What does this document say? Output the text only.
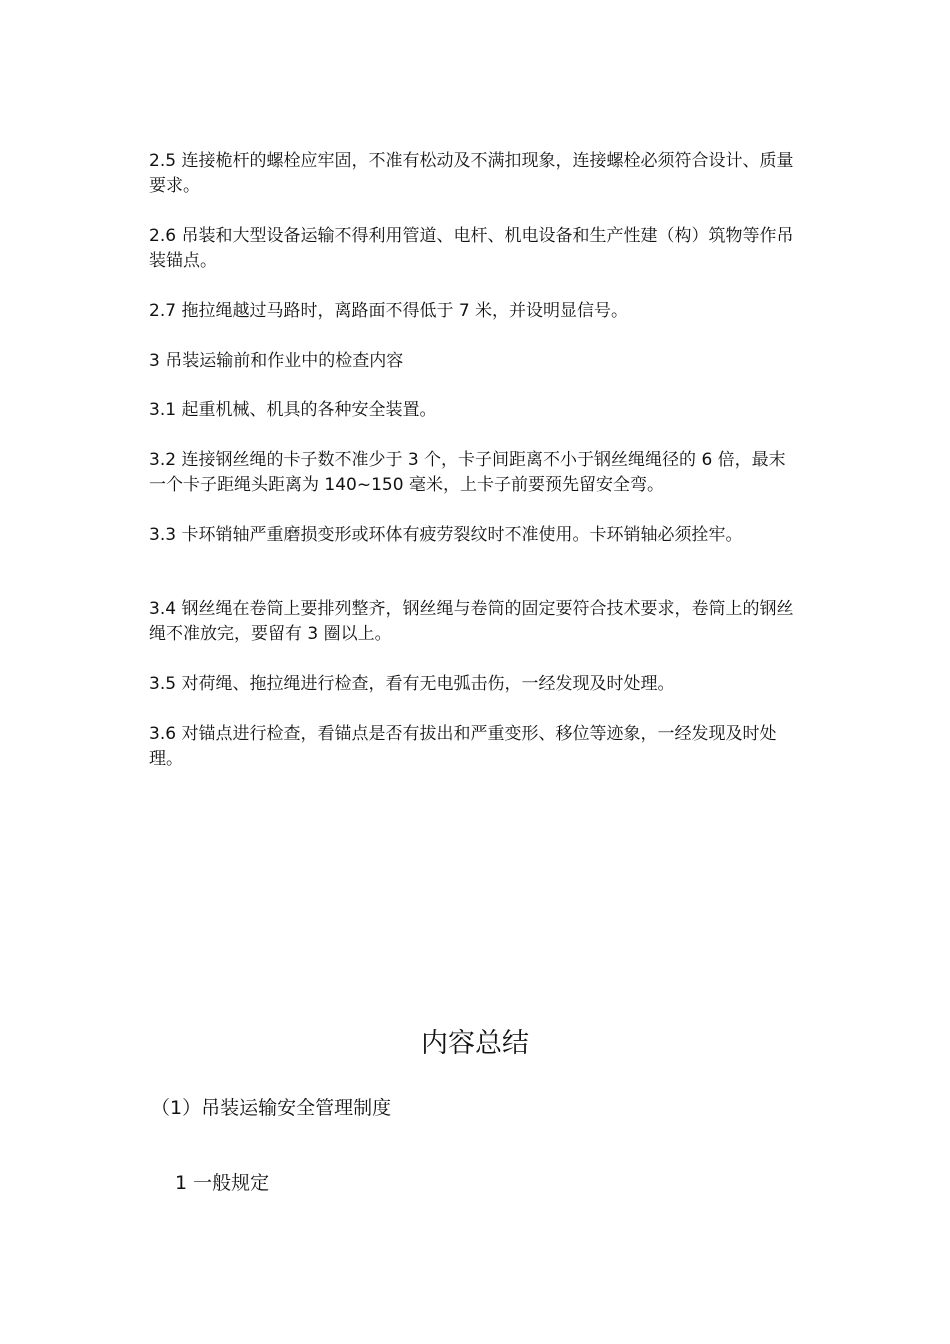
2.5 连接桅杆的螺栓应牢固，不准有松动及不满扣现象，连接螺栓必须符合设计、质量要求。

2.6 吊装和大型设备运输不得利用管道、电杆、机电设备和生产性建（构）筑物等作吊装锚点。

2.7 拖拉绳越过马路时，离路面不得低于 7 米，并设明显信号。

3 吊装运输前和作业中的检查内容

3.1 起重机械、机具的各种安全装置。

3.2 连接钢丝绳的卡子数不准少于 3 个，卡子间距离不小于钢丝绳绳径的 6 倍，最末一个卡子距绳头距离为 140~150 毫米，上卡子前要预先留安全弯。

3.3 卡环销轴严重磨损变形或环体有疲劳裂纹时不准使用。卡环销轴必须拴牢。

3.4 钢丝绳在卷筒上要排列整齐，钢丝绳与卷筒的固定要符合技术要求，卷筒上的钢丝绳不准放完，要留有 3 圈以上。

3.5 对荷绳、拖拉绳进行检查，看有无电弧击伤，一经发现及时处理。

3.6 对锚点进行检查，看锚点是否有拔出和严重变形、移位等迹象，一经发现及时处理。

内容总结

（1）吊装运输安全管理制度

1 一般规定
